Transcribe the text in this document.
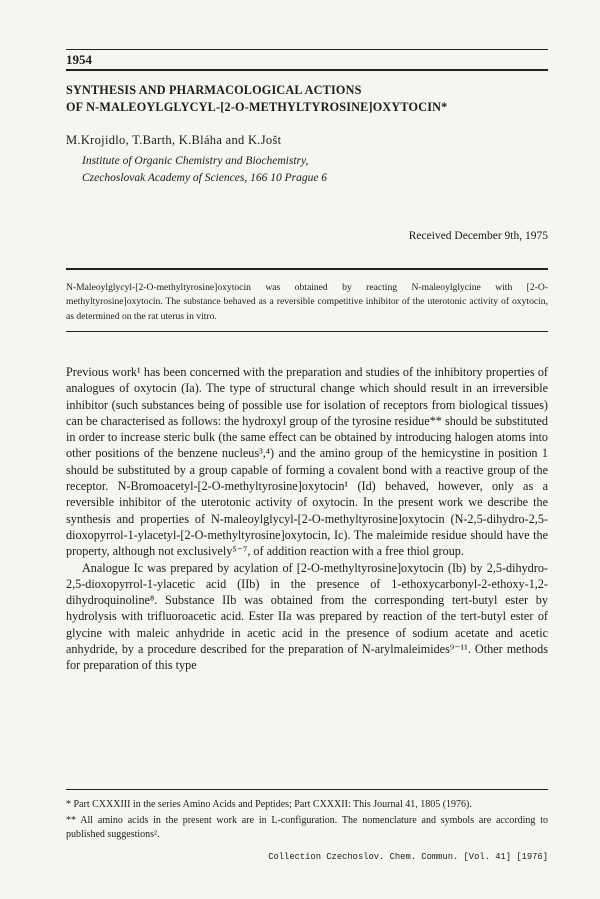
1954
SYNTHESIS AND PHARMACOLOGICAL ACTIONS
OF N-MALEOYLGLYCYL-[2-O-METHYLTYROSINE]OXYTOCIN*
M.Krojidlo, T.Barth, K.Bláha and K.Jošt
Institute of Organic Chemistry and Biochemistry,
Czechoslovak Academy of Sciences, 166 10 Prague 6
Received December 9th, 1975
N-Maleoylglycyl-[2-O-methyltyrosine]oxytocin was obtained by reacting N-maleoylglycine with [2-O-methyltyrosine]oxytocin. The substance behaved as a reversible competitive inhibitor of the uterotonic activity of oxytocin, as determined on the rat uterus in vitro.

Previous work¹ has been concerned with the preparation and studies of the inhibitory properties of analogues of oxytocin (Ia). The type of structural change which should result in an irreversible inhibitor (such substances being of possible use for isolation of receptors from biological tissues) can be characterised as follows: the hydroxyl group of the tyrosine residue** should be substituted in order to increase steric bulk (the same effect can be obtained by introducing halogen atoms into other positions of the benzene nucleus³,⁴) and the amino group of the hemicystine in position 1 should be substituted by a group capable of forming a covalent bond with a reactive group of the receptor. N-Bromoacetyl-[2-O-methyltyrosine]oxytocin¹ (Id) behaved, however, only as a reversible inhibitor of the uterotonic activity of oxytocin. In the present work we describe the synthesis and properties of N-maleoylglycyl-[2-O-methyltyrosine]oxytocin (N-2,5-dihydro-2,5-dioxopyrrol-1-ylacetyl-[2-O-methyltyrosine]oxytocin, Ic). The maleimide residue should have the property, although not exclusively⁵⁻⁷, of addition reaction with a free thiol group.

Analogue Ic was prepared by acylation of [2-O-methyltyrosine]oxytocin (Ib) by 2,5-dihydro-2,5-dioxopyrrol-1-ylacetic acid (IIb) in the presence of 1-ethoxycarbonyl-2-ethoxy-1,2-dihydroquinoline⁸. Substance IIb was obtained from the corresponding tert-butyl ester by hydrolysis with trifluoroacetic acid. Ester IIa was prepared by reaction of the tert-butyl ester of glycine with maleic anhydride in acetic acid in the presence of sodium acetate and acetic anhydride, by a procedure described for the preparation of N-arylmaleimides⁹⁻¹¹. Other methods for preparation of this type

* Part CXXXIII in the series Amino Acids and Peptides; Part CXXXII: This Journal 41, 1805 (1976).

** All amino acids in the present work are in L-configuration. The nomenclature and symbols are according to published suggestions².

Collection Czechoslov. Chem. Commun. [Vol. 41] [1976]
